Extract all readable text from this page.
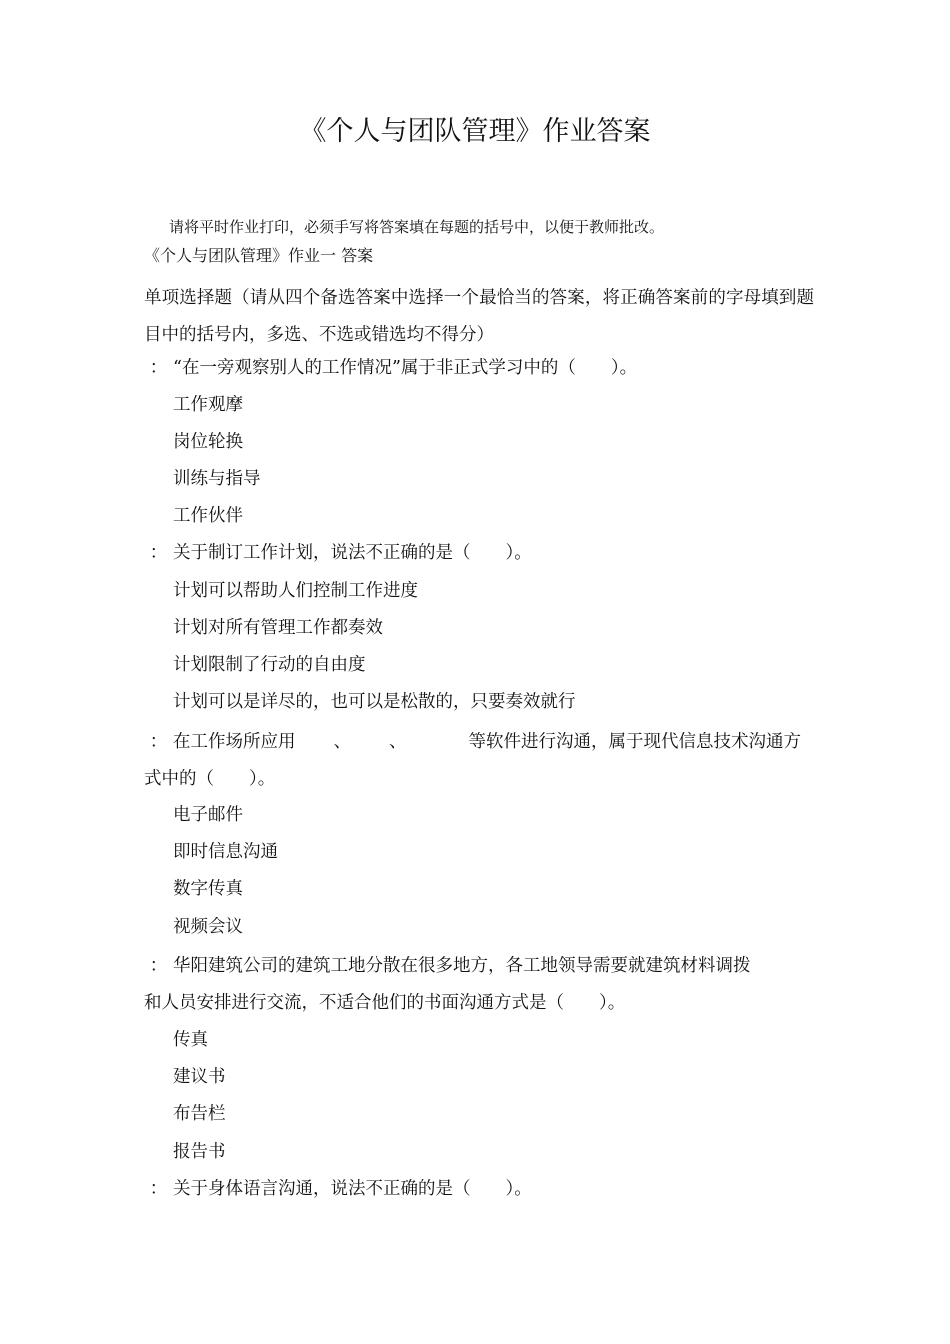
《个人与团队管理》作业答案
请将平时作业打印，必须手写将答案填在每题的括号中，以便于教师批改。
《个人与团队管理》作业一 答案
单项选择题（请从四个备选答案中选择一个最恰当的答案，将正确答案前的字母填到题目中的括号内，多选、不选或错选均不得分）
： “在一旁观察别人的工作情况”属于非正式学习中的（　　）。
工作观摩
岗位轮换
训练与指导
工作伙伴
： 关于制订工作计划，说法不正确的是（　　）。
计划可以帮助人们控制工作进度
计划对所有管理工作都奏效
计划限制了行动的自由度
计划可以是详尽的，也可以是松散的，只要奏效就行
： 在工作场所应用 、 、	等软件进行沟通，属于现代信息技术沟通方
式中的（　　）。
电子邮件
即时信息沟通
数字传真
视频会议
： 华阳建筑公司的建筑工地分散在很多地方，各工地领导需要就建筑材料调拨
和人员安排进行交流，不适合他们的书面沟通方式是（　　）。
传真
建议书
布告栏
报告书
： 关于身体语言沟通，说法不正确的是（　　）。
